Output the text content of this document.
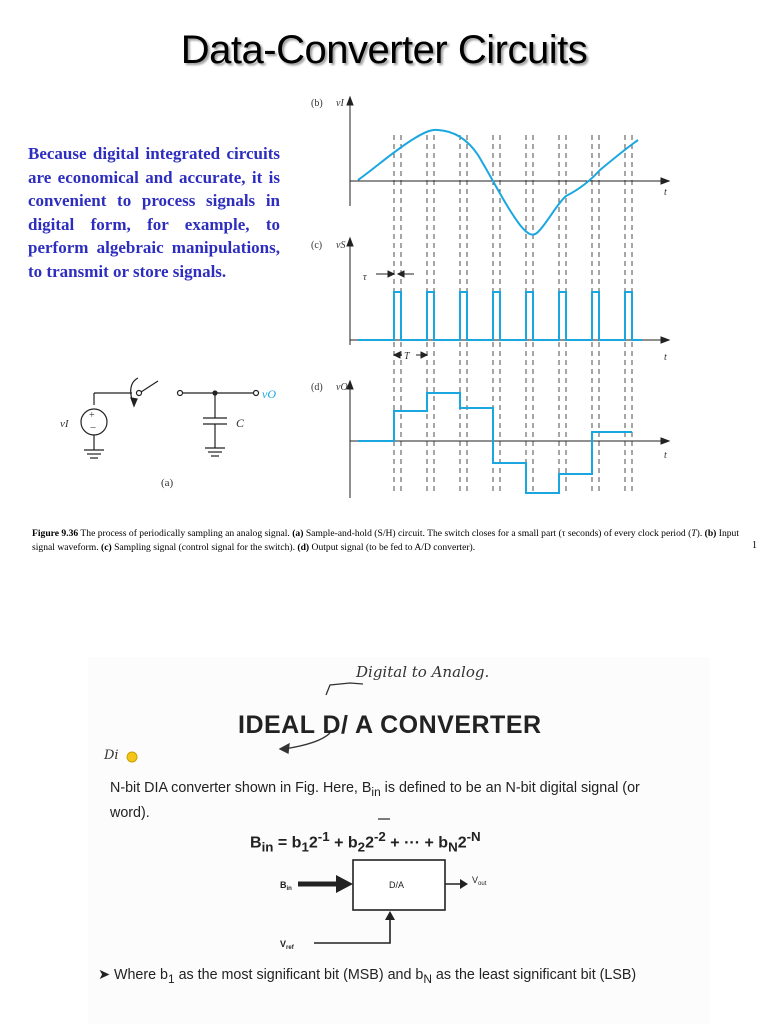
Data-Converter Circuits
Because digital integrated circuits are economical and accurate, it is convenient to process signals in digital form, for example, to perform algebraic manipulations, to transmit or store signals.
(b) vI
(c) vS
(d) vO
t
t
t
τ
T
+
−
vI	C
vO
(a)
Figure 9.36 The process of periodically sampling an analog signal. (a) Sample-and-hold (S/H) circuit. The switch closes for a small part (τ seconds) of every clock period (T). (b) Input signal waveform. (c) Sampling signal (control signal for the switch). (d) Output signal (to be fed to A/D converter).	1
Digital to Analog.
Di
IDEAL D/ A CONVERTER
N-bit DIA converter shown in Fig. Here, $B_{in}$ is defined to be an N-bit digital signal (or word).
$B_{in} = b_12^{-1} + b_22^{-2}$ + ··· + $b_N2^{-N}$
D/A
$B_{in}$
$V_{ref}$
$V_{out}$
➤ Where $b_1$ as the most significant bit (MSB) and $b_N$ as the least significant bit (LSB)
